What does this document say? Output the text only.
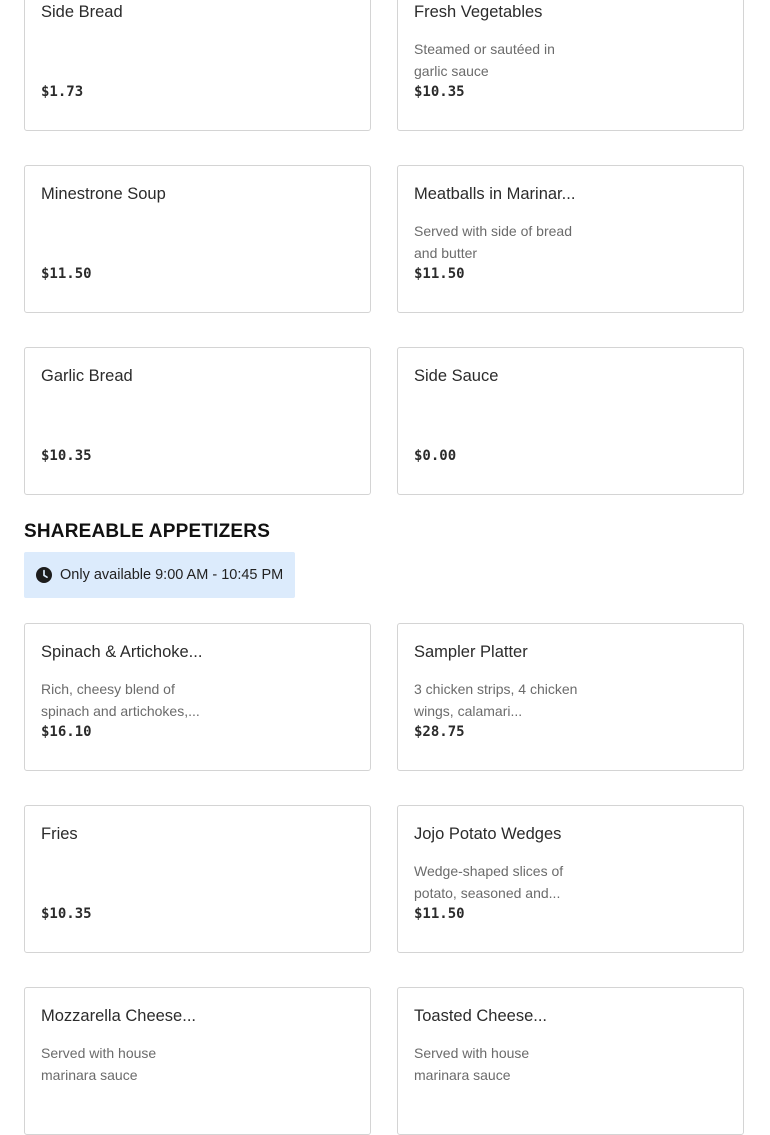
Side Bread
$1.73
Fresh Vegetables
Steamed or sautéed in garlic sauce
$10.35
Minestrone Soup
$11.50
Meatballs in Marinar...
Served with side of bread and butter
$11.50
Garlic Bread
$10.35
Side Sauce
$0.00
SHAREABLE APPETIZERS
Only available 9:00 AM - 10:45 PM
Spinach & Artichoke...
Rich, cheesy blend of spinach and artichokes,...
$16.10
Sampler Platter
3 chicken strips, 4 chicken wings, calamari...
$28.75
Fries
$10.35
Jojo Potato Wedges
Wedge-shaped slices of potato, seasoned and...
$11.50
Mozzarella Cheese...
Served with house marinara sauce
Toasted Cheese...
Served with house marinara sauce
